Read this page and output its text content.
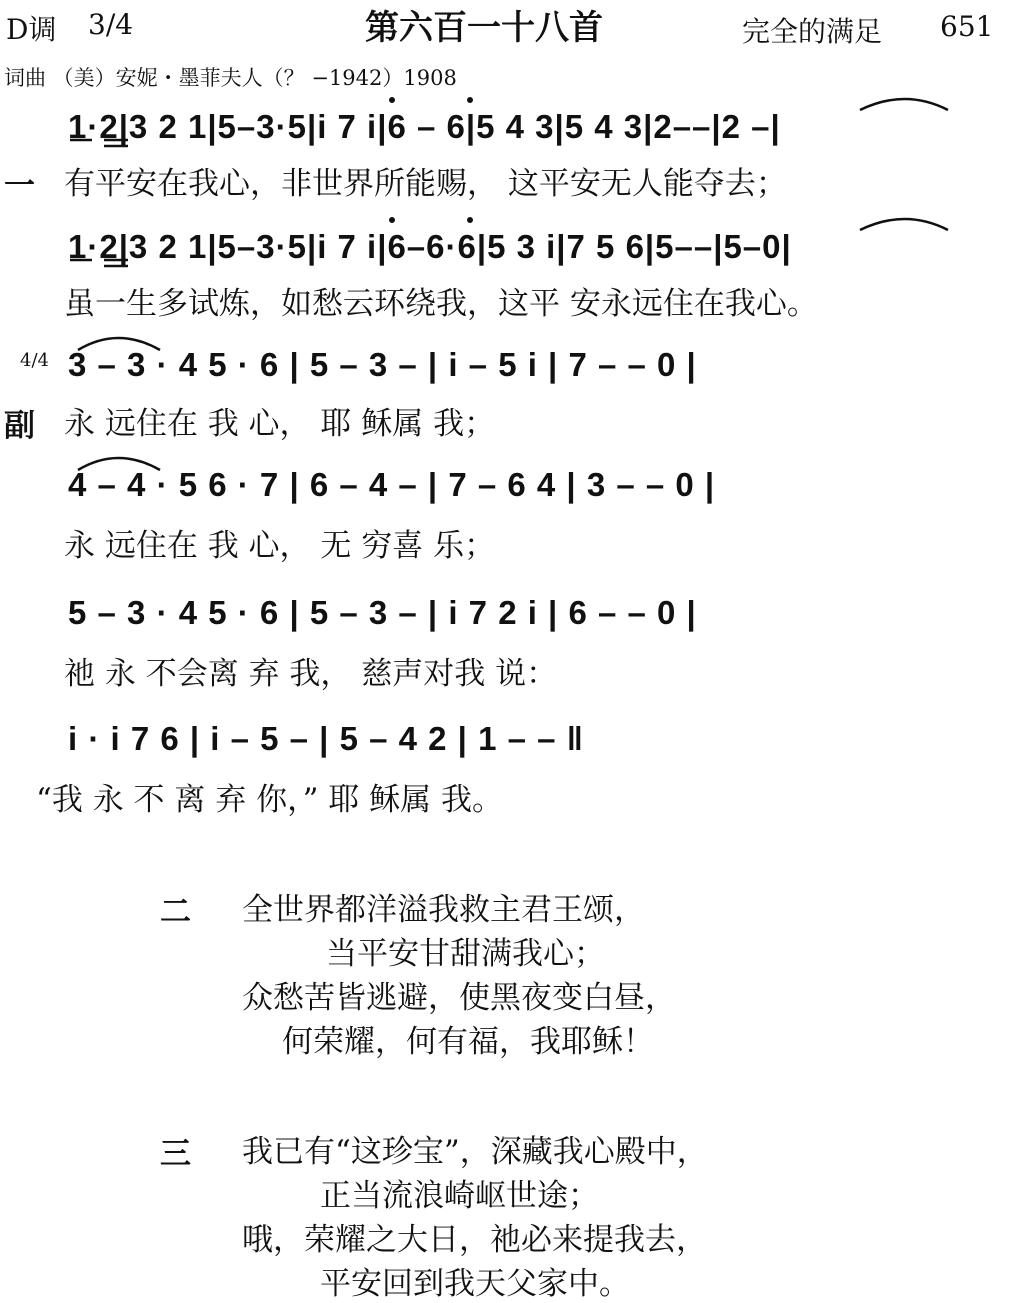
D调 3/4	第六百一十八首	完全的满足 651
词曲 （美）安妮・墨菲夫人（？ −1942）1908
1·2|3 2 1|5–3·5|i 7 i|6 – 6|5 4 3|5 4 3|2––|2 –|
一 有平安在我心，非世界所能赐， 这平安无人能夺去；
1·2|3 2 1|5–3·5|i 7 i|6–6·6|5 3 i|7 5 6|5––|5–0|
虽一生多试炼，如愁云环绕我，这平 安永远住在我心。
4/4 3 – 3 · 4 5 · 6 | 5 – 3 – | i – 5 i | 7 – – 0 |
副 永 远住在 我 心， 耶 稣属 我；
4 – 4 · 5 6 · 7 | 6 – 4 – | 7 – 6 4 | 3 – – 0 |
永 远住在 我 心， 无 穷喜 乐；
5 – 3 · 4 5 · 6 | 5 – 3 – | i 7 2 i | 6 – – 0 |
祂 永 不会离 弃 我， 慈声对我 说：
i · i 7 6 | i – 5 – | 5 – 4 2 | 1 – – ‖
“我 永 不 离 弃 你，” 耶 稣属 我。
二 全世界都洋溢我救主君王颂，
当平安甘甜满我心；
众愁苦皆逃避，使黑夜变白昼，
何荣耀，何有福，我耶稣！
三 我已有“这珍宝”，深藏我心殿中，
正当流浪崎岖世途；
哦，荣耀之大日，祂必来提我去，
平安回到我天父家中。
